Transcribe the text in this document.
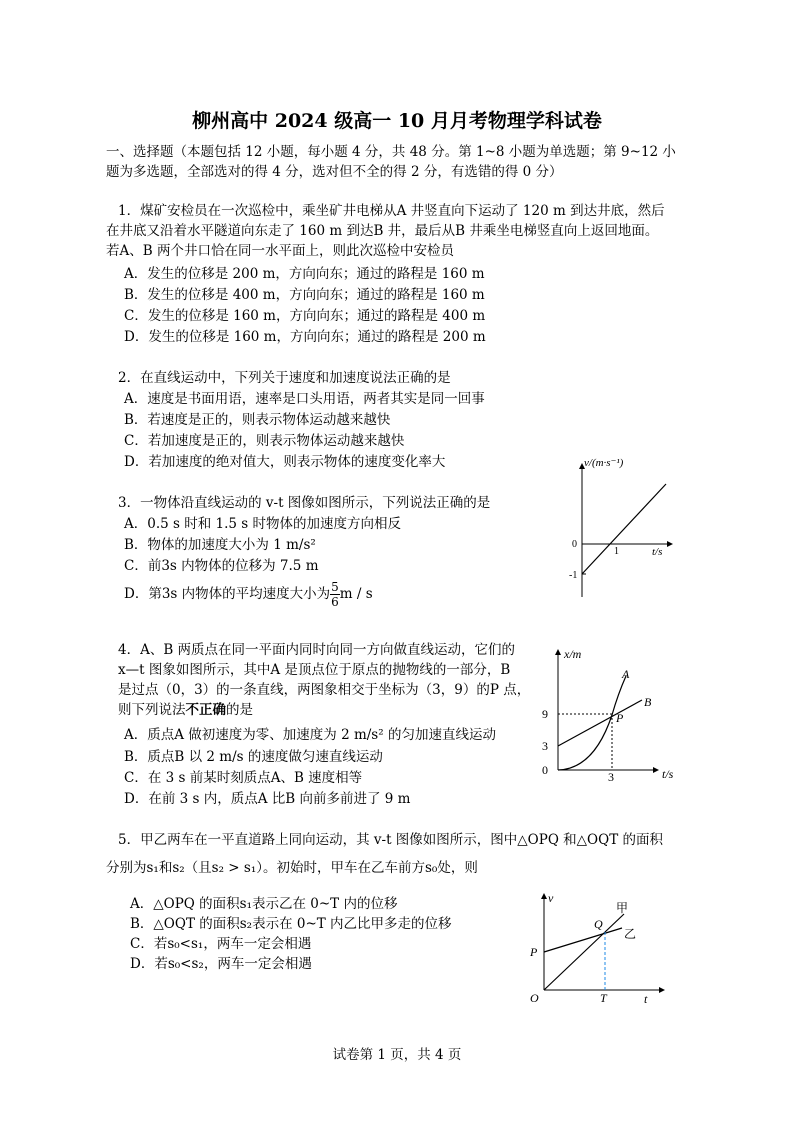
柳州高中 2024 级高一 10 月月考物理学科试卷
一、选择题（本题包括 12 小题，每小题 4 分，共 48 分。第 1~8 小题为单选题；第 9~12 小
题为多选题，全部选对的得 4 分，选对但不全的得 2 分，有选错的得 0 分）
1．煤矿安检员在一次巡检中，乘坐矿井电梯从A 井竖直向下运动了 120 m 到达井底，然后
在井底又沿着水平隧道向东走了 160 m 到达B 井，最后从B 井乘坐电梯竖直向上返回地面。
若A、B 两个井口恰在同一水平面上，则此次巡检中安检员
A．发生的位移是 200 m，方向向东；通过的路程是 160 m
B．发生的位移是 400 m，方向向东；通过的路程是 160 m
C．发生的位移是 160 m，方向向东；通过的路程是 400 m
D．发生的位移是 160 m，方向向东；通过的路程是 200 m
2．在直线运动中，下列关于速度和加速度说法正确的是
A．速度是书面用语，速率是口头用语，两者其实是同一回事
B．若速度是正的，则表示物体运动越来越快
C．若加速度是正的，则表示物体运动越来越快
D．若加速度的绝对值大，则表示物体的速度变化率大
3．一物体沿直线运动的 v-t 图像如图所示，下列说法正确的是
A．0.5 s 时和 1.5 s 时物体的加速度方向相反
B．物体的加速度大小为 1 m/s²
C．前3s 内物体的位移为 7.5 m
D．第3s 内物体的平均速度大小为 $\frac{5}{6}$ m / s
v/(m·s⁻¹)
t/s
0
1
-1
4．A、B 两质点在同一平面内同时向同一方向做直线运动，它们的
x—t 图象如图所示，其中A 是顶点位于原点的抛物线的一部分，B
是过点（0，3）的一条直线，两图象相交于坐标为（3，9）的P 点，
则下列说法不正确的是
A．质点A 做初速度为零、加速度为 2 m/s² 的匀加速直线运动
B．质点B 以 2 m/s 的速度做匀速直线运动
C．在 3 s 前某时刻质点A、B 速度相等
D．在前 3 s 内，质点A 比B 向前多前进了 9 m
x/m
t/s
A
B
P
9
3
0	3
5．甲乙两车在一平直道路上同向运动，其 v-t 图像如图所示，图中△OPQ 和△OQT 的面积
分别为s₁和s₂（且s₂ > s₁）。初始时，甲车在乙车前方s₀处，则
A．△OPQ 的面积s₁表示乙在 0~T 内的位移
B．△OQT 的面积s₂表示在 0~T 内乙比甲多走的位移
C．若s₀<s₁，两车一定会相遇
D．若s₀<s₂，两车一定会相遇
v
t
甲
乙
Q
P
O	T
试卷第 1 页，共 4 页
